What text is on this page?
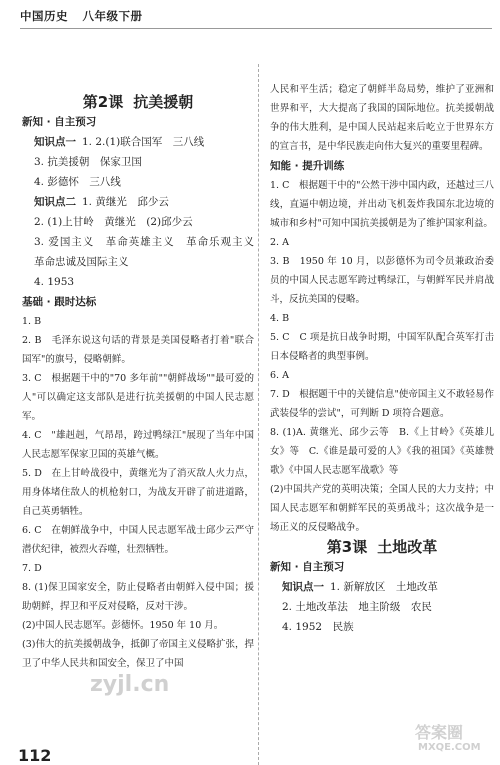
中国历史 八年级下册
第2课 抗美援朝
新知 · 自主预习
知识点一 1. 2.(1)联合国军　三八线
3. 抗美援朝　保家卫国
4. 彭德怀　三八线
知识点二 1. 黄继光　邱少云
2. (1)上甘岭　黄继光　(2)邱少云
3. 爱国主义　革命英雄主义　革命乐观主义　革命忠诚及国际主义
4. 1953
基础 · 跟时达标
1. B
2. B　毛泽东说这句话的背景是美国侵略者打着"联合国军"的旗号，侵略朝鲜。
3. C　根据题干中的"70 多年前""朝鲜战场""最可爱的人"可以确定这支部队是进行抗美援朝的中国人民志愿军。
4. C　"雄赳赳，气昂昂，跨过鸭绿江"展现了当年中国人民志愿军保家卫国的英雄气概。
5. D　在上甘岭战役中，黄继光为了消灭敌人火力点，用身体堵住敌人的机枪射口，为战友开辟了前进道路，自己英勇牺牲。
6. C　在朝鲜战争中，中国人民志愿军战士邱少云严守潜伏纪律，被烈火吞噬，壮烈牺牲。
7. D
8. (1)保卫国家安全，防止侵略者由朝鲜入侵中国；援助朝鲜，捍卫和平反对侵略，反对干涉。
(2)中国人民志愿军。彭德怀。1950 年 10 月。
(3)伟大的抗美援朝战争，抵御了帝国主义侵略扩张，捍卫了中华人民共和国安全，保卫了中国
人民和平生活；稳定了朝鲜半岛局势，维护了亚洲和世界和平，大大提高了我国的国际地位。抗美援朝战争的伟大胜利，是中国人民站起来后屹立于世界东方的宣言书，是中华民族走向伟大复兴的重要里程碑。
知能 · 提升训练
1. C　根据题干中的"公然干涉中国内政，还越过三八线，直逼中朝边境，并出动飞机轰炸我国东北边境的城市和乡村"可知中国抗美援朝是为了维护国家利益。
2. A
3. B　1950 年 10 月，以彭德怀为司令员兼政治委员的中国人民志愿军跨过鸭绿江，与朝鲜军民并肩战斗，反抗美国的侵略。
4. B
5. C　C 项是抗日战争时期，中国军队配合英军打击日本侵略者的典型事例。
6. A
7. D　根据题干中的关键信息"使帝国主义不敢轻易作武装侵华的尝试"，可判断 D 项符合题意。
8. (1)A. 黄继光、邱少云等　B.《上甘岭》《英雄儿女》等　C.《谁是最可爱的人》《我的祖国》《英雄赞歌》《中国人民志愿军战歌》等
(2)中国共产党的英明决策；全国人民的大力支持；中国人民志愿军和朝鲜军民的英勇战斗；这次战争是一场正义的反侵略战争。
第3课 土地改革
新知 · 自主预习
知识点一 1. 新解放区　土地改革
2. 土地改革法　地主阶级　农民
4. 1952　民族
112
zyjl.cn
答案圈
MXQE.COM
